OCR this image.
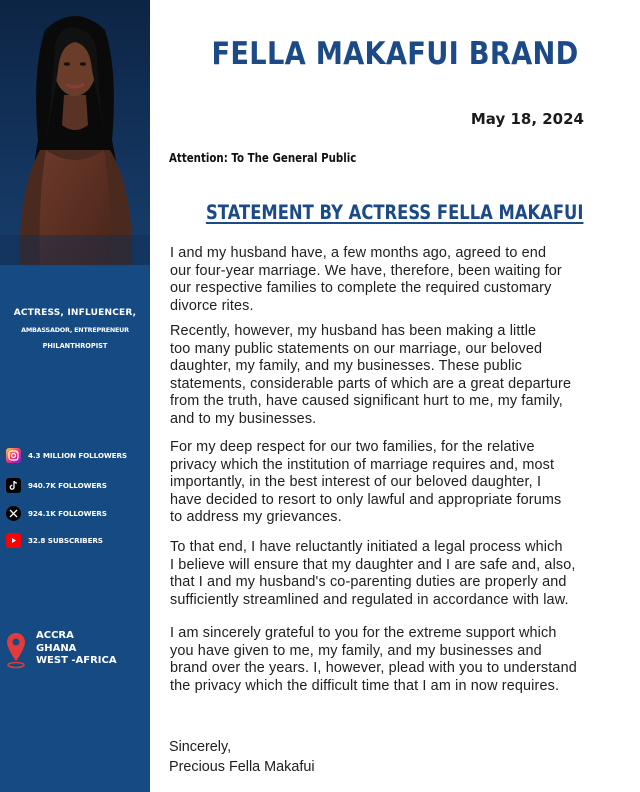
ACTRESS, INFLUENCER,
AMBASSADOR, ENTREPRENEUR
PHILANTHROPIST
4.3 MILLION FOLLOWERS
940.7K FOLLOWERS
924.1K FOLLOWERS
32.8 SUBSCRIBERS
ACCRA
GHANA
WEST -AFRICA
FELLA MAKAFUI BRAND
May 18, 2024
Attention: To The General Public
STATEMENT BY ACTRESS FELLA MAKAFUI
I and my husband have, a few months ago, agreed to end
our four-year marriage. We have, therefore, been waiting for
our respective families to complete the required customary
divorce rites.
Recently, however, my husband has been making a little
too many public statements on our marriage, our beloved
daughter, my family, and my businesses. These public
statements, considerable parts of which are a great departure
from the truth, have caused significant hurt to me, my family,
and to my businesses.
For my deep respect for our two families, for the relative
privacy which the institution of marriage requires and, most
importantly, in the best interest of our beloved daughter, I
have decided to resort to only lawful and appropriate forums
to address my grievances.
To that end, I have reluctantly initiated a legal process which
I believe will ensure that my daughter and I are safe and, also,
that I and my husband's co-parenting duties are properly and
sufficiently streamlined and regulated in accordance with law.
I am sincerely grateful to you for the extreme support which
you have given to me, my family, and my businesses and
brand over the years. I, however, plead with you to understand
the privacy which the difficult time that I am in now requires.
Sincerely,
Precious Fella Makafui
